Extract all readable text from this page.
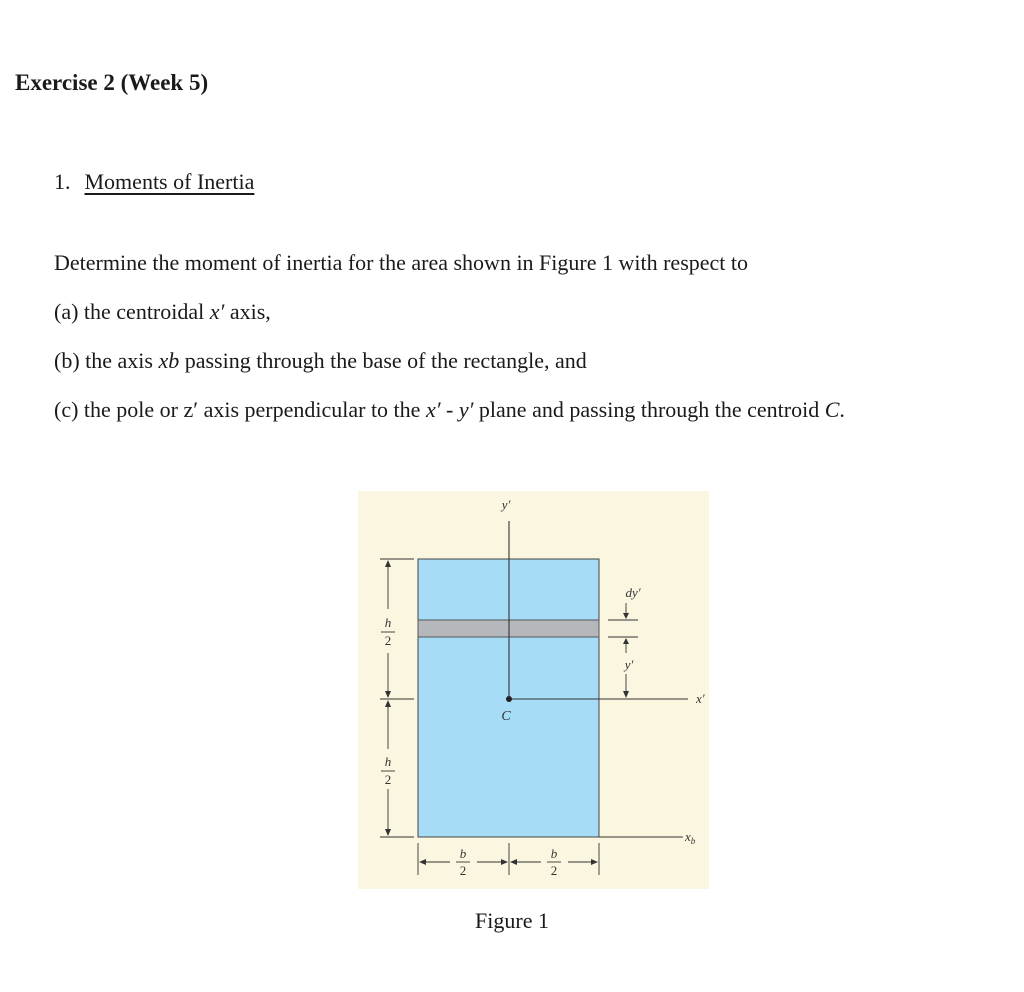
Exercise 2 (Week 5)
1. Moments of Inertia

Determine the moment of inertia for the area shown in Figure 1 with respect to

(a) the centroidal x′ axis,

(b) the axis xb passing through the base of the rectangle, and

(c) the pole or z′ axis perpendicular to the x′ - y′ plane and passing through the centroid C.

y′
x′
C
$x_b$
dy′
y′
h
2
h
2
b
2
b
2

Figure 1
